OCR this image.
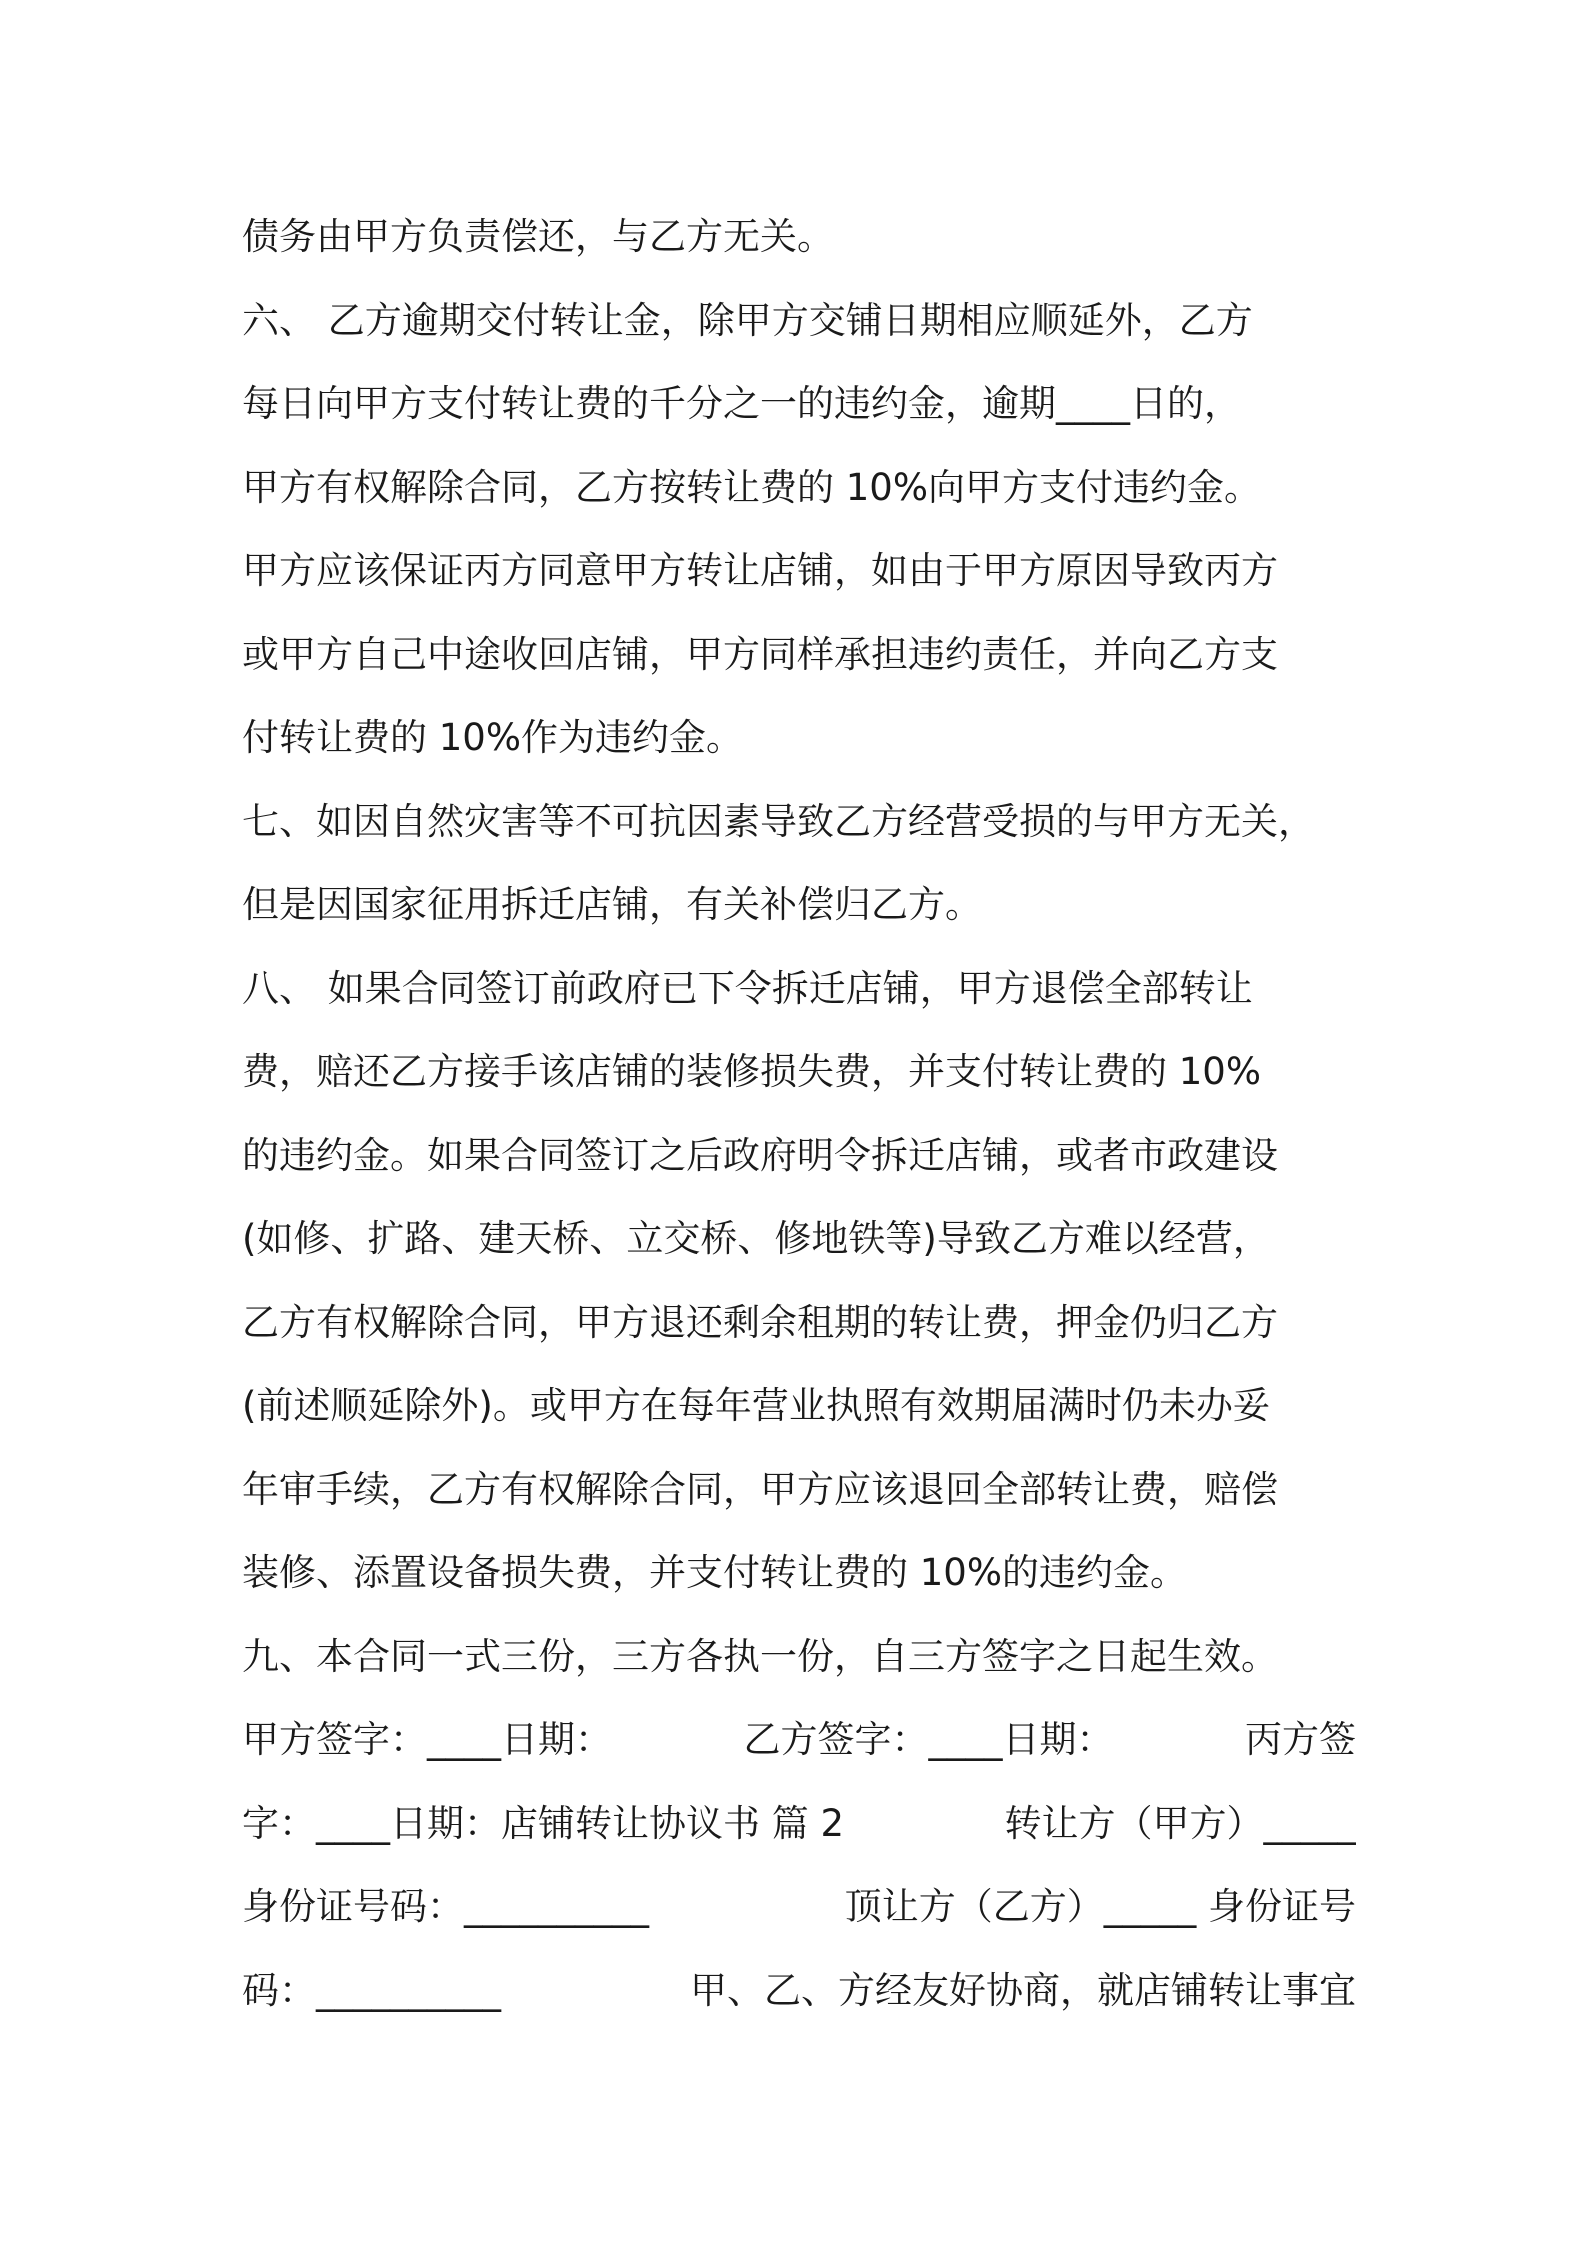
债务由甲方负责偿还，与乙方无关。
六、 乙方逾期交付转让金，除甲方交铺日期相应顺延外，乙方
每日向甲方支付转让费的千分之一的违约金，逾期____日的，
甲方有权解除合同，乙方按转让费的 10%向甲方支付违约金。
甲方应该保证丙方同意甲方转让店铺，如由于甲方原因导致丙方
或甲方自己中途收回店铺，甲方同样承担违约责任，并向乙方支
付转让费的 10%作为违约金。
七、如因自然灾害等不可抗因素导致乙方经营受损的与甲方无关，
但是因国家征用拆迁店铺，有关补偿归乙方。
八、 如果合同签订前政府已下令拆迁店铺，甲方退偿全部转让
费，赔还乙方接手该店铺的装修损失费，并支付转让费的 10%
的违约金。如果合同签订之后政府明令拆迁店铺，或者市政建设
(如修、扩路、建天桥、立交桥、修地铁等)导致乙方难以经营，
乙方有权解除合同，甲方退还剩余租期的转让费，押金仍归乙方
(前述顺延除外)。或甲方在每年营业执照有效期届满时仍未办妥
年审手续，乙方有权解除合同，甲方应该退回全部转让费，赔偿
装修、添置设备损失费，并支付转让费的 10%的违约金。
九、本合同一式三份，三方各执一份，自三方签字之日起生效。
甲方签字：____日期：	乙方签字：____日期：	丙方签
字：____日期：店铺转让协议书 篇 2	转让方（甲方）_____
身份证号码：__________	顶让方（乙方）_____ 身份证号
码：__________	甲、乙、方经友好协商，就店铺转让事宜
